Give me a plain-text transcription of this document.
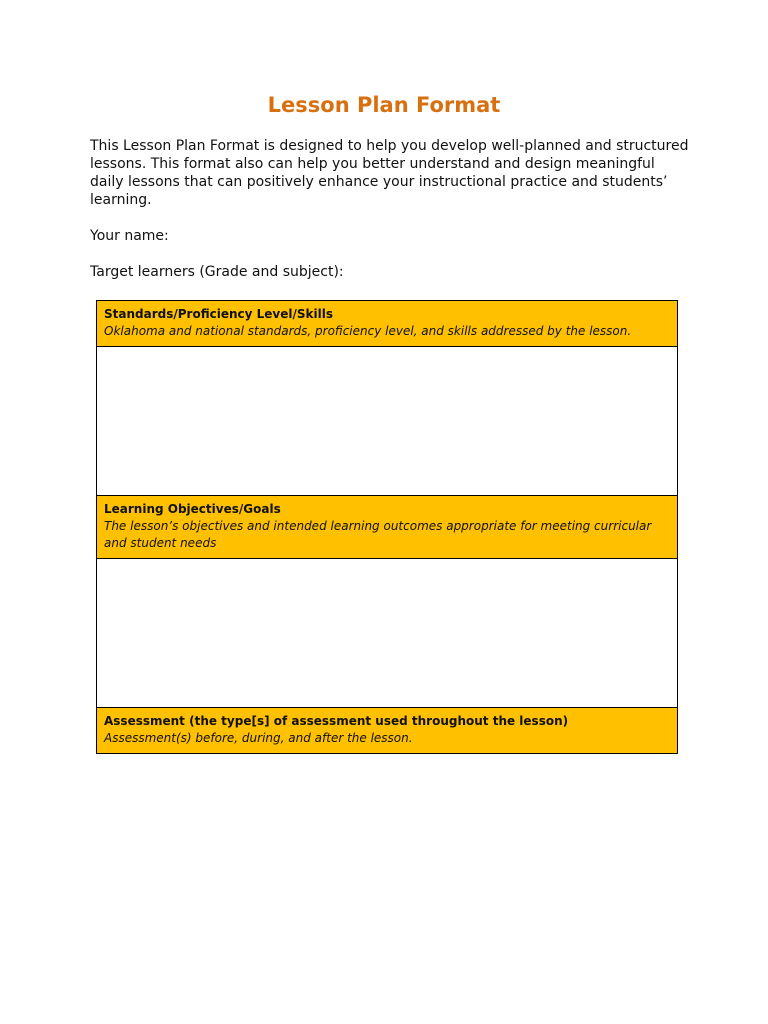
Lesson Plan Format

This Lesson Plan Format is designed to help you develop well-planned and structured lessons. This format also can help you better understand and design meaningful daily lessons that can positively enhance your instructional practice and students’ learning.

Your name:
Target learners (Grade and subject):
Standards/Proficiency Level/Skills
Oklahoma and national standards, proficiency level, and skills addressed by the lesson.
Learning Objectives/Goals
The lesson’s objectives and intended learning outcomes appropriate for meeting curricular and student needs
Assessment (the type[s] of assessment used throughout the lesson)
Assessment(s) before, during, and after the lesson.
